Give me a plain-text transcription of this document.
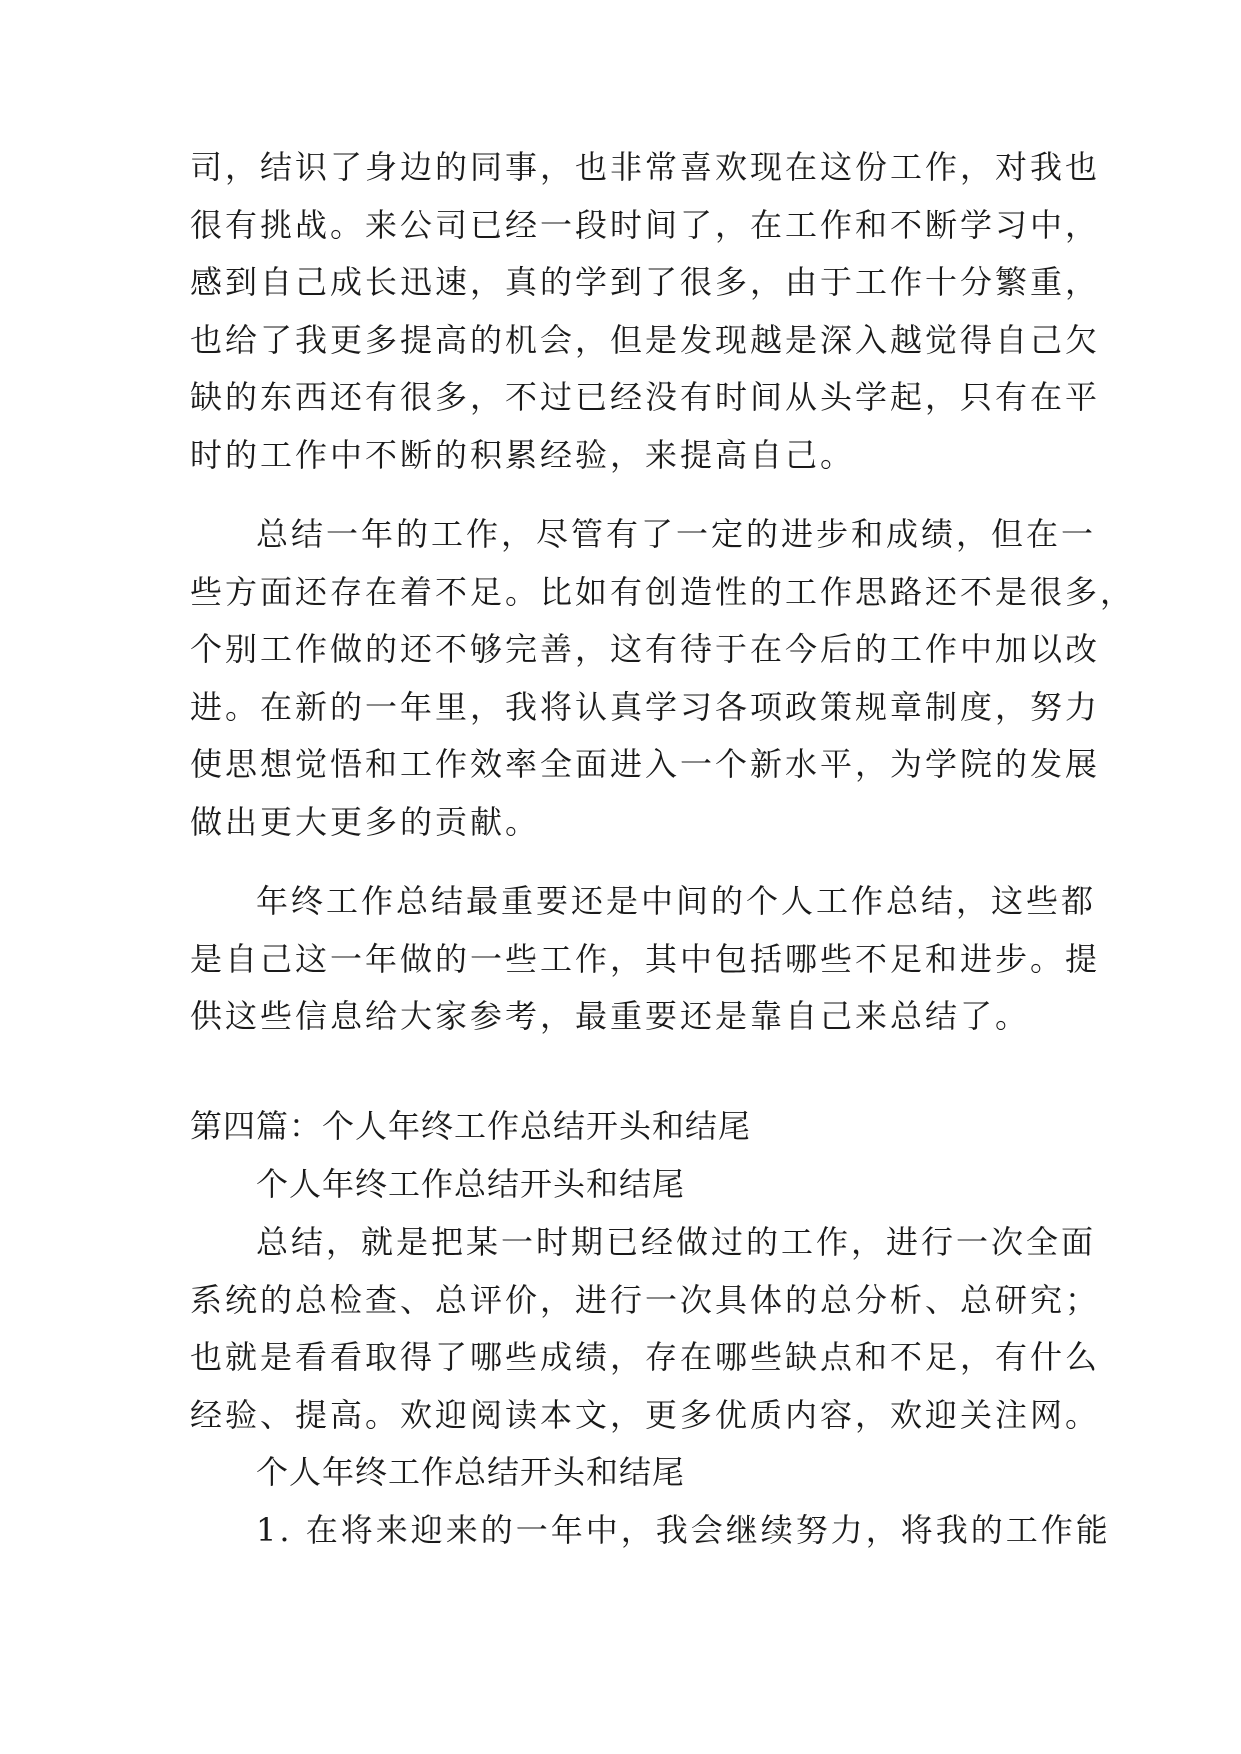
司，结识了身边的同事，也非常喜欢现在这份工作，对我也
很有挑战。来公司已经一段时间了，在工作和不断学习中，
感到自己成长迅速，真的学到了很多，由于工作十分繁重，
也给了我更多提高的机会，但是发现越是深入越觉得自己欠
缺的东西还有很多，不过已经没有时间从头学起，只有在平
时的工作中不断的积累经验，来提高自己。
总结一年的工作，尽管有了一定的进步和成绩，但在一
些方面还存在着不足。比如有创造性的工作思路还不是很多，
个别工作做的还不够完善，这有待于在今后的工作中加以改
进。在新的一年里，我将认真学习各项政策规章制度，努力
使思想觉悟和工作效率全面进入一个新水平，为学院的发展
做出更大更多的贡献。
年终工作总结最重要还是中间的个人工作总结，这些都
是自己这一年做的一些工作，其中包括哪些不足和进步。提
供这些信息给大家参考，最重要还是靠自己来总结了。
第四篇：个人年终工作总结开头和结尾
个人年终工作总结开头和结尾
总结，就是把某一时期已经做过的工作，进行一次全面
系统的总检查、总评价，进行一次具体的总分析、总研究；
也就是看看取得了哪些成绩，存在哪些缺点和不足，有什么
经验、提高。欢迎阅读本文，更多优质内容，欢迎关注网。
个人年终工作总结开头和结尾
1. 在将来迎来的一年中，我会继续努力，将我的工作能
